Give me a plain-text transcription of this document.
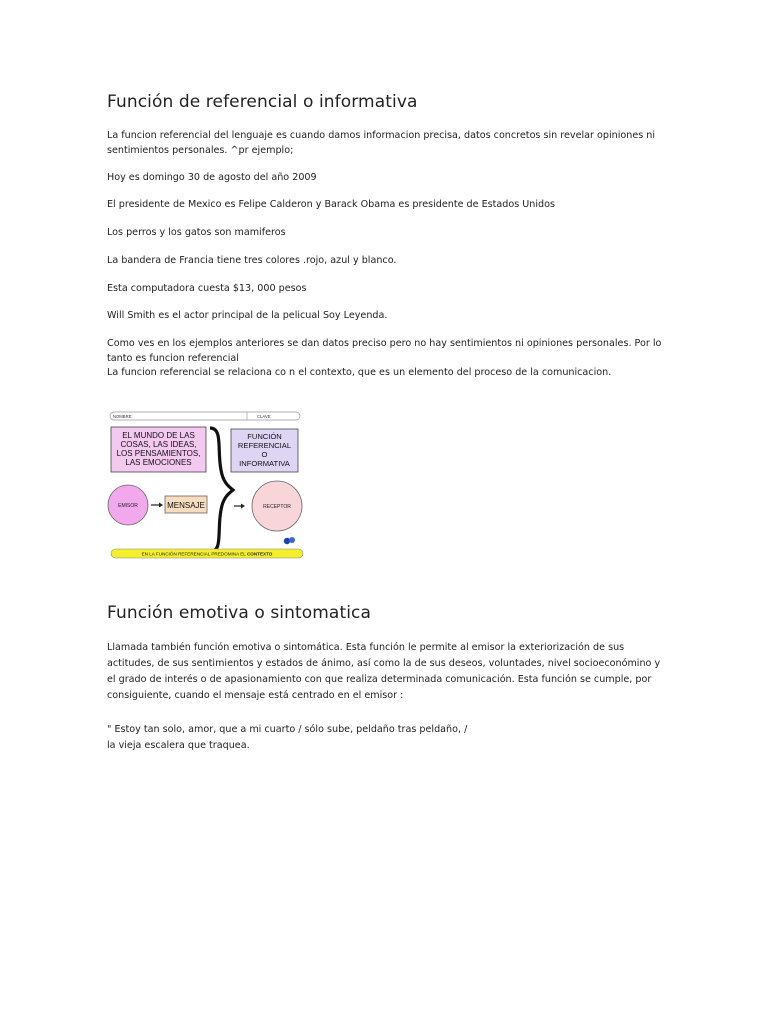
Función de referencial o informativa

La funcion referencial del lenguaje es cuando damos informacion precisa, datos concretos sin revelar opiniones ni sentimientos personales. ^pr ejemplo;

Hoy es domingo 30 de agosto del año 2009

El presidente de Mexico es Felipe Calderon y Barack Obama es presidente de Estados Unidos

Los perros y los gatos son mamiferos

La bandera de Francia tiene tres colores .rojo, azul y blanco.

Esta computadora cuesta $13, 000 pesos

Will Smith es el actor principal de la pelicual Soy Leyenda.

Como ves en los ejemplos anteriores se dan datos preciso pero no hay sentimientos ni opiniones personales. Por lo tanto es funcion referencial

La funcion referencial se relaciona co n el contexto, que es un elemento del proceso de la comunicacion.

NOMBRE:	CLAVE:
EL MUNDO DE LAS
COSAS, LAS IDEAS,
LOS PENSAMIENTOS,
LAS EMOCIONES
FUNCIÓN
REFERENCIAL
O
INFORMATIVA
EMISOR	MENSAJE	RECEPTOR
EN LA FUNCIÓN REFERENCIAL PREDOMINA EL CONTEXTO
Función emotiva o sintomatica

Llamada también función emotiva o sintomática. Esta función le permite al emisor la exteriorización de sus actitudes, de sus sentimientos y estados de ánimo, así como la de sus deseos, voluntades, nivel socioeconómino y el grado de interés o de apasionamiento con que realiza determinada comunicación. Esta función se cumple, por consiguiente, cuando el mensaje está centrado en el emisor :

" Estoy tan solo, amor, que a mi cuarto / sólo sube, peldaño tras peldaño, /

la vieja escalera que traquea.
